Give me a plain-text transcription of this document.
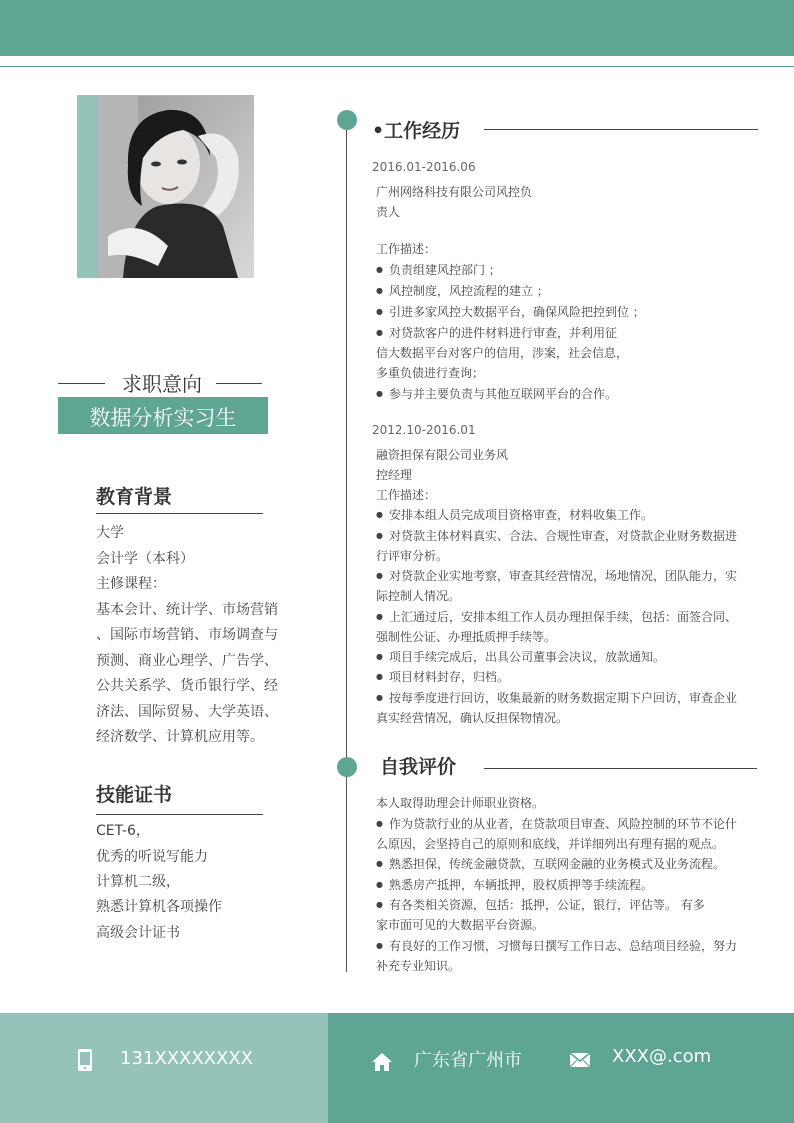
求职意向
数据分析实习生
教育背景
大学
会计学（本科）
主修课程：
基本会计、统计学、市场营销
、国际市场营销、市场调查与
预测、商业心理学、广告学、
公共关系学、货币银行学、经
济法、国际贸易、大学英语、
经济数学、计算机应用等。
技能证书
CET-6，
优秀的听说写能力
计算机二级，
熟悉计算机各项操作
高级会计证书
•工作经历
2016.01-2016.06
广州网络科技有限公司风控负
责人
工作描述：
● 负责组建风控部门 ；
● 风控制度，风控流程的建立 ；
● 引进多家风控大数据平台，确保风险把控到位 ；
● 对贷款客户的进件材料进行审查，并利用征
信大数据平台对客户的信用，涉案，社会信息，
多重负债进行查询；
● 参与并主要负责与其他互联网平台的合作。
2012.10-2016.01
融资担保有限公司业务风
控经理
工作描述：
● 安排本组人员完成项目资格审查，材料收集工作。
● 对贷款主体材料真实、合法、合规性审查，对贷款企业财务数据进
行评审分析。
● 对贷款企业实地考察，审查其经营情况，场地情况，团队能力，实
际控制人情况。
● 上汇通过后，安排本组工作人员办理担保手续，包括：面签合同、
强制性公证、办理抵质押手续等。
● 项目手续完成后，出具公司董事会决议，放款通知。
● 项目材料封存，归档。
● 按每季度进行回访，收集最新的财务数据定期下户回访，审查企业
真实经营情况，确认反担保物情况。
自我评价
本人取得助理会计师职业资格。
● 作为贷款行业的从业者，在贷款项目审查、风险控制的环节不论什
么原因，会坚持自己的原则和底线，并详细列出有理有据的观点。
● 熟悉担保，传统金融贷款，互联网金融的业务模式及业务流程。
● 熟悉房产抵押，车辆抵押，股权质押等手续流程。
● 有各类相关资源，包括：抵押，公证，银行，评估等。 有多
家市面可见的大数据平台资源。
● 有良好的工作习惯，习惯每日撰写工作日志、总结项目经验，努力
补充专业知识。
131XXXXXXXX	广东省广州市	XXX@.com
